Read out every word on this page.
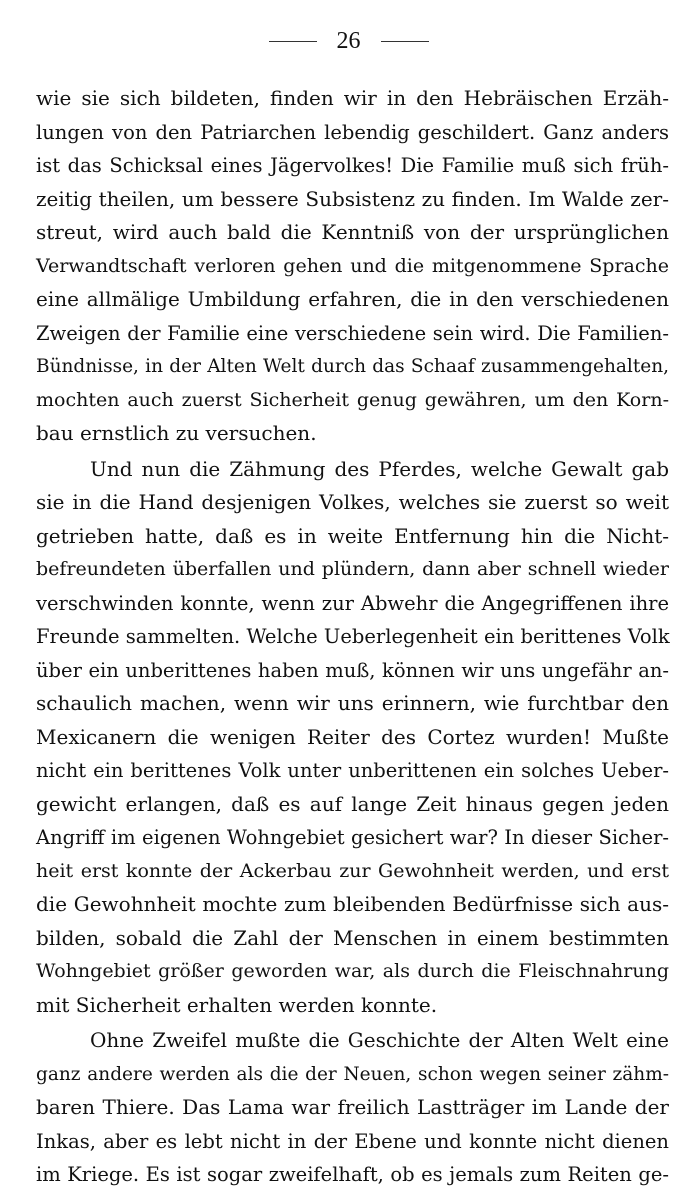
26
wie sie sich bildeten, finden wir in den Hebräischen Erzäh-
lungen von den Patriarchen lebendig geschildert. Ganz anders
ist das Schicksal eines Jägervolkes! Die Familie muß sich früh-
zeitig theilen, um bessere Subsistenz zu finden. Im Walde zer-
streut, wird auch bald die Kenntniß von der ursprünglichen
Verwandtschaft verloren gehen und die mitgenommene Sprache
eine allmälige Umbildung erfahren, die in den verschiedenen
Zweigen der Familie eine verschiedene sein wird. Die Familien-
Bündnisse, in der Alten Welt durch das Schaaf zusammengehalten,
mochten auch zuerst Sicherheit genug gewähren, um den Korn-
bau ernstlich zu versuchen.
Und nun die Zähmung des Pferdes, welche Gewalt gab
sie in die Hand desjenigen Volkes, welches sie zuerst so weit
getrieben hatte, daß es in weite Entfernung hin die Nicht-
befreundeten überfallen und plündern, dann aber schnell wieder
verschwinden konnte, wenn zur Abwehr die Angegriffenen ihre
Freunde sammelten. Welche Ueberlegenheit ein berittenes Volk
über ein unberittenes haben muß, können wir uns ungefähr an-
schaulich machen, wenn wir uns erinnern, wie furchtbar den
Mexicanern die wenigen Reiter des Cortez wurden! Mußte
nicht ein berittenes Volk unter unberittenen ein solches Ueber-
gewicht erlangen, daß es auf lange Zeit hinaus gegen jeden
Angriff im eigenen Wohngebiet gesichert war? In dieser Sicher-
heit erst konnte der Ackerbau zur Gewohnheit werden, und erst
die Gewohnheit mochte zum bleibenden Bedürfnisse sich aus-
bilden, sobald die Zahl der Menschen in einem bestimmten
Wohngebiet größer geworden war, als durch die Fleischnahrung
mit Sicherheit erhalten werden konnte.
Ohne Zweifel mußte die Geschichte der Alten Welt eine
ganz andere werden als die der Neuen, schon wegen seiner zähm-
baren Thiere. Das Lama war freilich Lastträger im Lande der
Inkas, aber es lebt nicht in der Ebene und konnte nicht dienen
im Kriege. Es ist sogar zweifelhaft, ob es jemals zum Reiten ge-
